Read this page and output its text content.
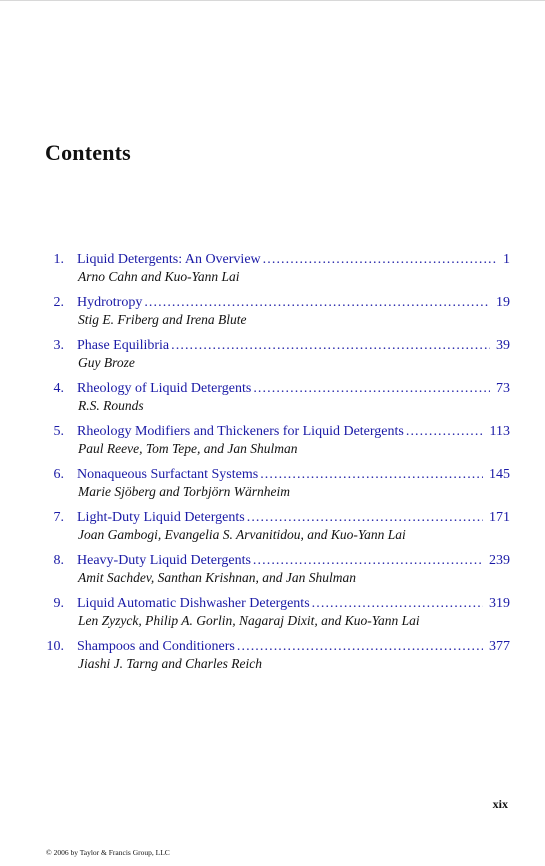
Contents
1. Liquid Detergents: An Overview . . .	1
Arno Cahn and Kuo-Yann Lai
2. Hydrotropy . . .	19
Stig E. Friberg and Irena Blute
3. Phase Equilibria . . .	39
Guy Broze
4. Rheology of Liquid Detergents . . .	73
R.S. Rounds
5. Rheology Modifiers and Thickeners for Liquid Detergents . . .	113
Paul Reeve, Tom Tepe, and Jan Shulman
6. Nonaqueous Surfactant Systems . . .	145
Marie Sjöberg and Torbjörn Wärnheim
7. Light-Duty Liquid Detergents . . .	171
Joan Gambogi, Evangelia S. Arvanitidou, and Kuo-Yann Lai
8. Heavy-Duty Liquid Detergents . . .	239
Amit Sachdev, Santhan Krishnan, and Jan Shulman
9. Liquid Automatic Dishwasher Detergents . . .	319
Len Zyzyck, Philip A. Gorlin, Nagaraj Dixit, and Kuo-Yann Lai
10. Shampoos and Conditioners . . .	377
Jiashi J. Tarng and Charles Reich
xix
© 2006 by Taylor & Francis Group, LLC
